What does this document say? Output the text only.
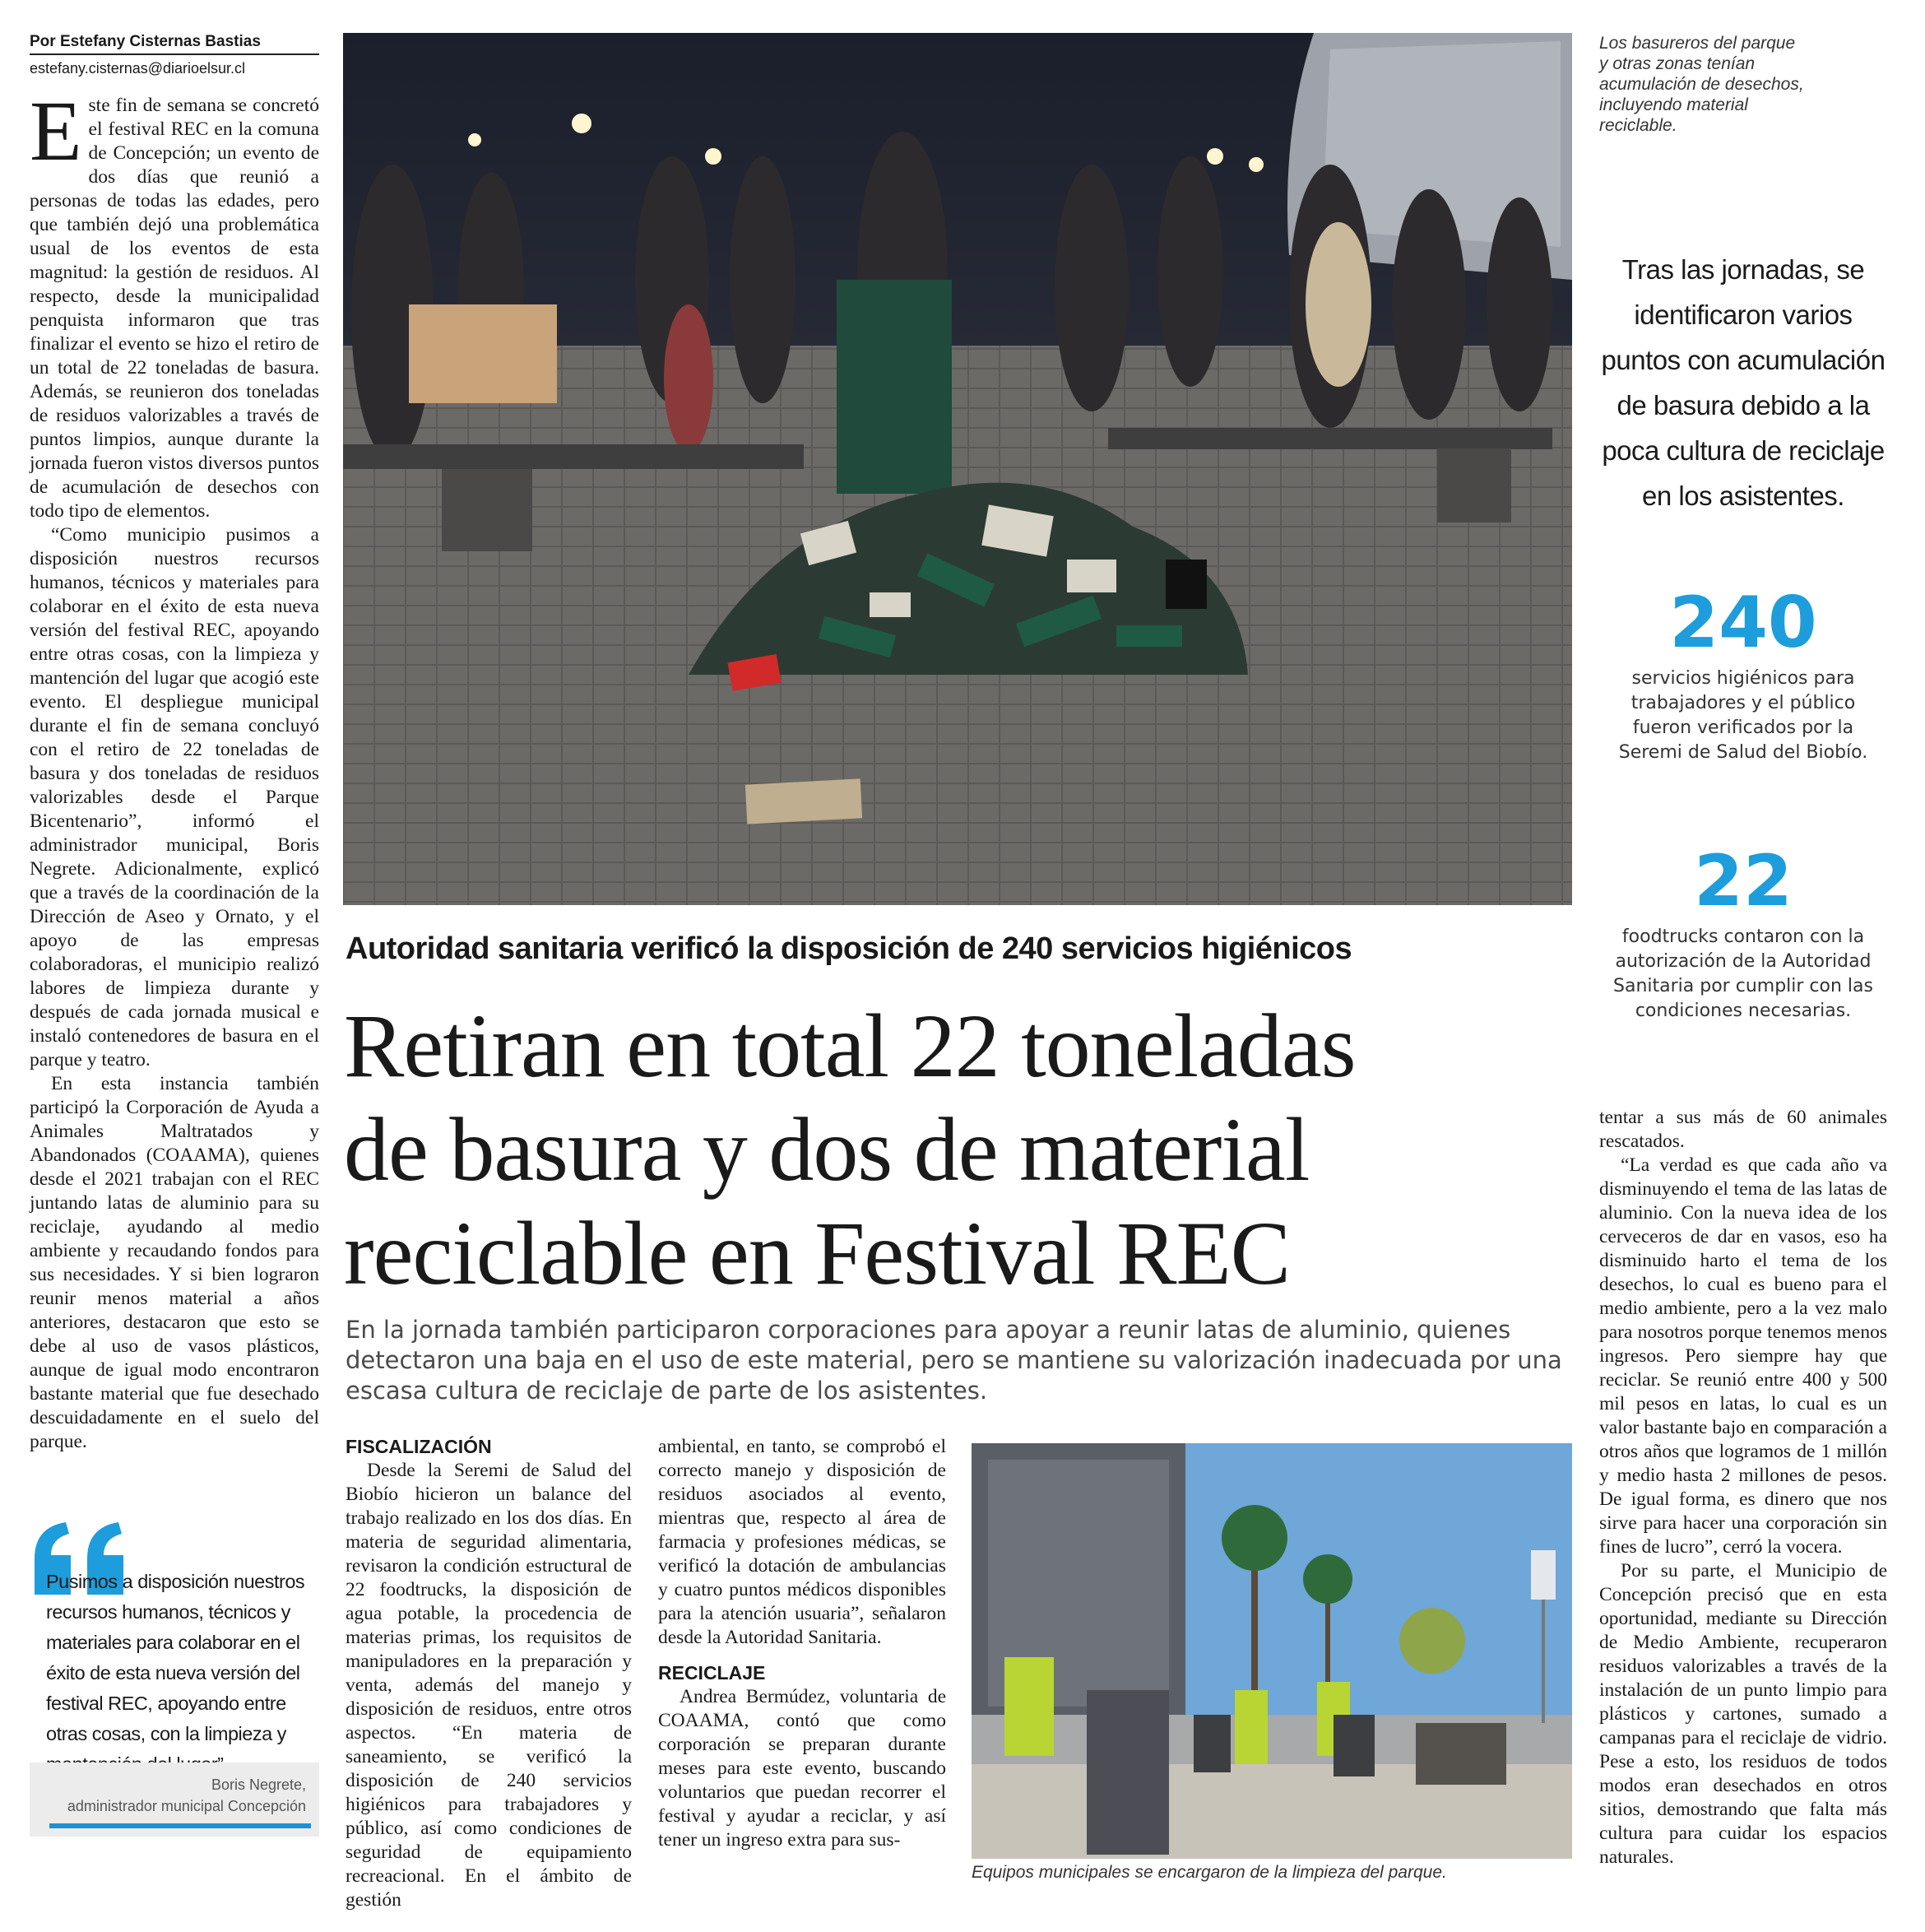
Por Estefany Cisternas Bastias
estefany.cisternas@diarioelsur.cl

Este fin de semana se concretó el festival REC en la comuna de Concepción; un evento de dos días que reunió a personas de todas las edades, pero que también dejó una problemática usual de los eventos de esta magnitud: la gestión de residuos. Al respecto, desde la municipalidad penquista informaron que tras finalizar el evento se hizo el retiro de un total de 22 toneladas de basura. Además, se reunieron dos toneladas de residuos valorizables a través de puntos limpios, aunque durante la jornada fueron vistos diversos puntos de acumulación de desechos con todo tipo de elementos.

“Como municipio pusimos a disposición nuestros recursos humanos, técnicos y materiales para colaborar en el éxito de esta nueva versión del festival REC, apoyando entre otras cosas, con la limpieza y mantención del lugar que acogió este evento. El despliegue municipal durante el fin de semana concluyó con el retiro de 22 toneladas de basura y dos toneladas de residuos valorizables desde el Parque Bicentenario”, informó el administrador municipal, Boris Negrete. Adicionalmente, explicó que a través de la coordinación de la Dirección de Aseo y Ornato, y el apoyo de las empresas colaboradoras, el municipio realizó labores de limpieza durante y después de cada jornada musical e instaló contenedores de basura en el parque y teatro.

En esta instancia también participó la Corporación de Ayuda a Animales Maltratados y Abandonados (COAAMA), quienes desde el 2021 trabajan con el REC juntando latas de aluminio para su reciclaje, ayudando al medio ambiente y recaudando fondos para sus necesidades. Y si bien lograron reunir menos material a años anteriores, destacaron que esto se debe al uso de vasos plásticos, aunque de igual modo encontraron bastante material que fue desechado descuidadamente en el suelo del parque.

Pusimos a disposición nuestros recursos humanos, técnicos y materiales para colaborar en el éxito de esta nueva versión del festival REC, apoyando entre otras cosas, con la limpieza y
Boris Negrete,
administrador municipal Concepción
Los basureros del parque y otras zonas tenían acumulación de desechos, incluyendo material reciclable.
Tras las jornadas, se identificaron varios puntos con acumulación de basura debido a la poca cultura de reciclaje en los asistentes.
240
servicios higiénicos para trabajadores y el público fueron verificados por la Seremi de Salud del Biobío.
22
foodtrucks contaron con la autorización de la Autoridad Sanitaria por cumplir con las condiciones necesarias.
Autoridad sanitaria verificó la disposición de 240 servicios higiénicos
Retiran en total 22 toneladas
de basura y dos de material
reciclable en Festival REC
En la jornada también participaron corporaciones para apoyar a reunir latas de aluminio, quienes detectaron una baja en el uso de este material, pero se mantiene su valorización inadecuada por una escasa cultura de reciclaje de parte de los asistentes.
FISCALIZACIÓN

Desde la Seremi de Salud del Biobío hicieron un balance del trabajo realizado en los dos días. En materia de seguridad alimentaria, revisaron la condición estructural de 22 foodtrucks, la disposición de agua potable, la procedencia de materias primas, los requisitos de manipuladores en la preparación y venta, además del manejo y disposición de residuos, entre otros aspectos. “En materia de saneamiento, se verificó la disposición de 240 servicios higiénicos para trabajadores y público, así como condiciones de seguridad de equipamiento recreacional. En el ámbito de gestión

ambiental, en tanto, se comprobó el correcto manejo y disposición de residuos asociados al evento, mientras que, respecto al área de farmacia y profesiones médicas, se verificó la dotación de ambulancias y cuatro puntos médicos disponibles para la atención usuaria”, señalaron desde la Autoridad Sanitaria.

RECICLAJE

Andrea Bermúdez, voluntaria de COAAMA, contó que como corporación se preparan durante meses para este evento, buscando voluntarios que puedan recorrer el festival y ayudar a reciclar, y así tener un ingreso extra para sus-

Equipos municipales se encargaron de la limpieza del parque.

tentar a sus más de 60 animales rescatados.

“La verdad es que cada año va disminuyendo el tema de las latas de aluminio. Con la nueva idea de los cerveceros de dar en vasos, eso ha disminuido harto el tema de los desechos, lo cual es bueno para el medio ambiente, pero a la vez malo para nosotros porque tenemos menos ingresos. Pero siempre hay que reciclar. Se reunió entre 400 y 500 mil pesos en latas, lo cual es un valor bastante bajo en comparación a otros años que logramos de 1 millón y medio hasta 2 millones de pesos. De igual forma, es dinero que nos sirve para hacer una corporación sin fines de lucro”, cerró la vocera.

Por su parte, el Municipio de Concepción precisó que en esta oportunidad, mediante su Dirección de Medio Ambiente, recuperaron residuos valorizables a través de la instalación de un punto limpio para plásticos y cartones, sumado a campanas para el reciclaje de vidrio. Pese a esto, los residuos de todos modos eran desechados en otros sitios, demostrando que falta más cultura para cuidar los espacios naturales.
